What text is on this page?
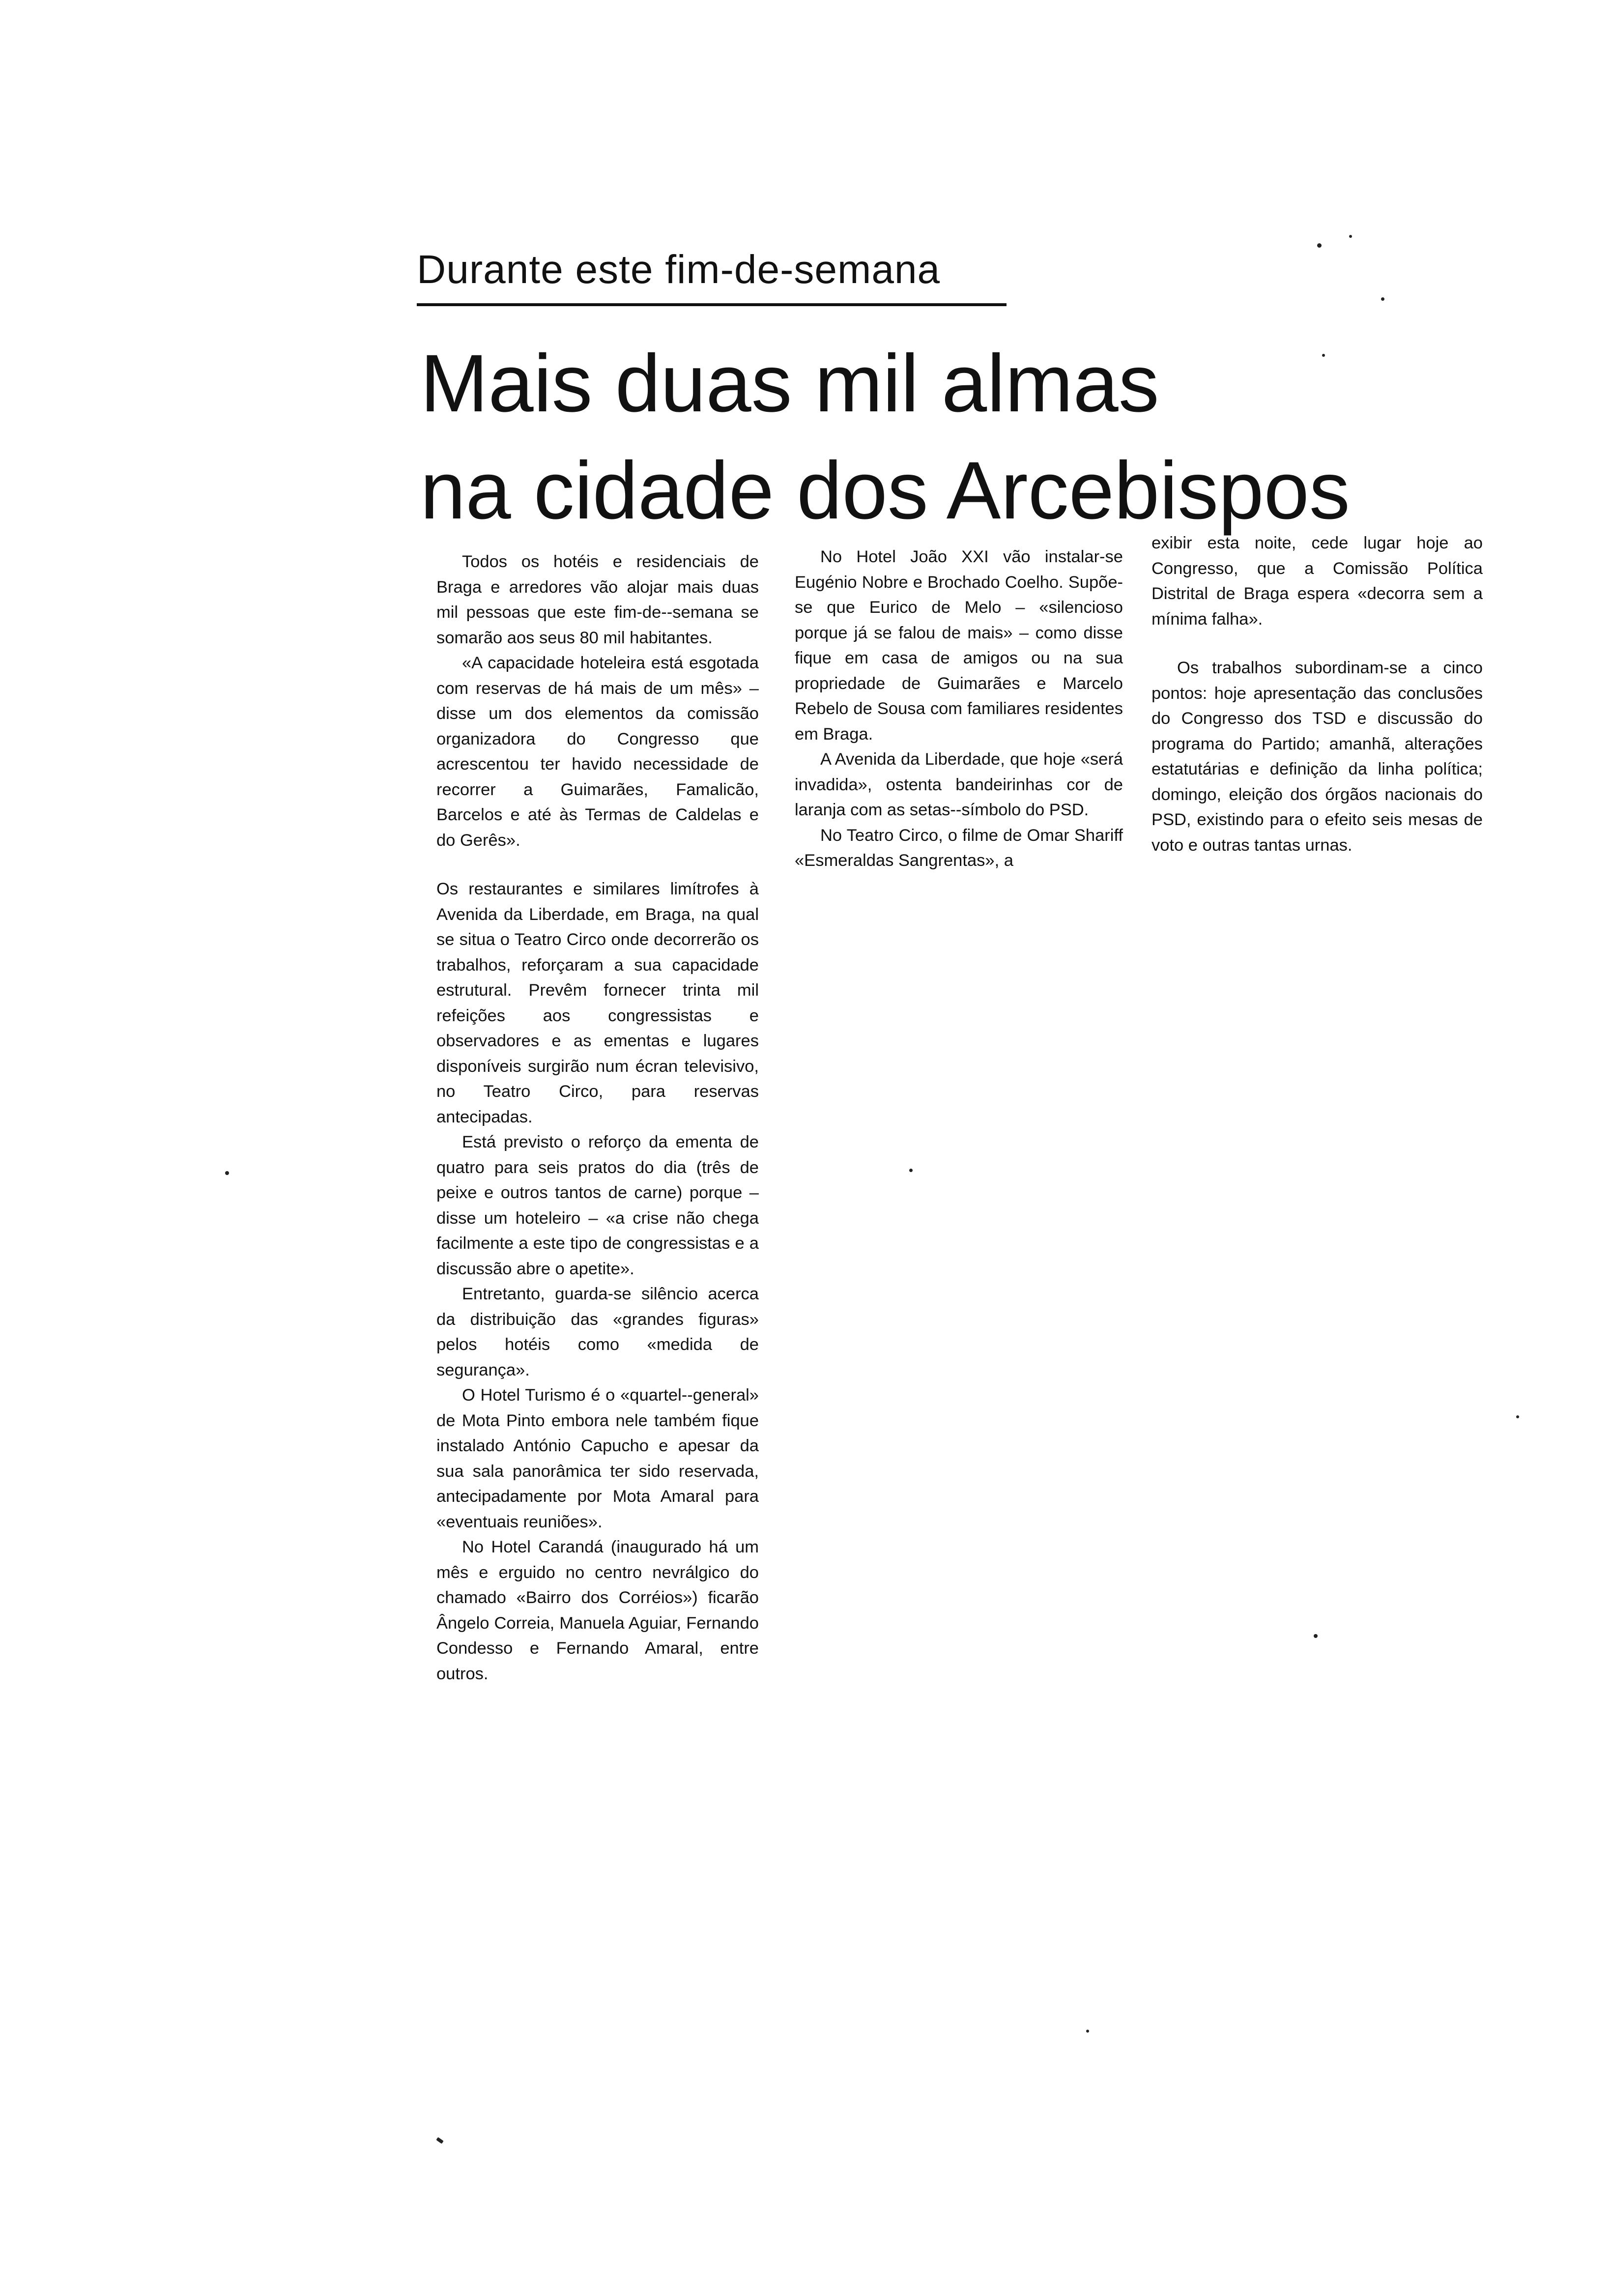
Durante este fim-de-semana
Mais duas mil almas
na cidade dos Arcebispos

Todos os hotéis e residenciais de Braga e arredores vão alojar mais duas mil pessoas que este fim-de--semana se somarão aos seus 80 mil habitantes.

«A capacidade hoteleira está esgotada com reservas de há mais de um mês» – disse um dos elementos da comissão organizadora do Congresso que acrescentou ter havido necessidade de recorrer a Guimarães, Famalicão, Barcelos e até às Termas de Caldelas e do Gerês».

Os restaurantes e similares limítrofes à Avenida da Liberdade, em Braga, na qual se situa o Teatro Circo onde decorrerão os trabalhos, reforçaram a sua capacidade estrutural. Prevêm fornecer trinta mil refeições aos congressistas e observadores e as ementas e lugares disponíveis surgirão num écran televisivo, no Teatro Circo, para reservas antecipadas.

Está previsto o reforço da ementa de quatro para seis pratos do dia (três de peixe e outros tantos de carne) porque – disse um hoteleiro – «a crise não chega facilmente a este tipo de congressistas e a discussão abre o apetite».

Entretanto, guarda-se silêncio acerca da distribuição das «grandes figuras» pelos hotéis como «medida de segurança».

O Hotel Turismo é o «quartel--general» de Mota Pinto embora nele também fique instalado António Capucho e apesar da sua sala panorâmica ter sido reservada, antecipadamente por Mota Amaral para «eventuais reuniões».

No Hotel Carandá (inaugurado há um mês e erguido no centro nevrálgico do chamado «Bairro dos Corréios») ficarão Ângelo Correia, Manuela Aguiar, Fernando Condesso e Fernando Amaral, entre outros.

No Hotel João XXI vão instalar-se Eugénio Nobre e Brochado Coelho. Supõe-se que Eurico de Melo – «silencioso porque já se falou de mais» – como disse fique em casa de amigos ou na sua propriedade de Guimarães e Marcelo Rebelo de Sousa com familiares residentes em Braga.

A Avenida da Liberdade, que hoje «será invadida», ostenta bandeirinhas cor de laranja com as setas--símbolo do PSD.

No Teatro Circo, o filme de Omar Shariff «Esmeraldas Sangrentas», a

exibir esta noite, cede lugar hoje ao Congresso, que a Comissão Política Distrital de Braga espera «decorra sem a mínima falha».

Os trabalhos subordinam-se a cinco pontos: hoje apresentação das conclusões do Congresso dos TSD e discussão do programa do Partido; amanhã, alterações estatutárias e definição da linha política; domingo, eleição dos órgãos nacionais do PSD, existindo para o efeito seis mesas de voto e outras tantas urnas.
